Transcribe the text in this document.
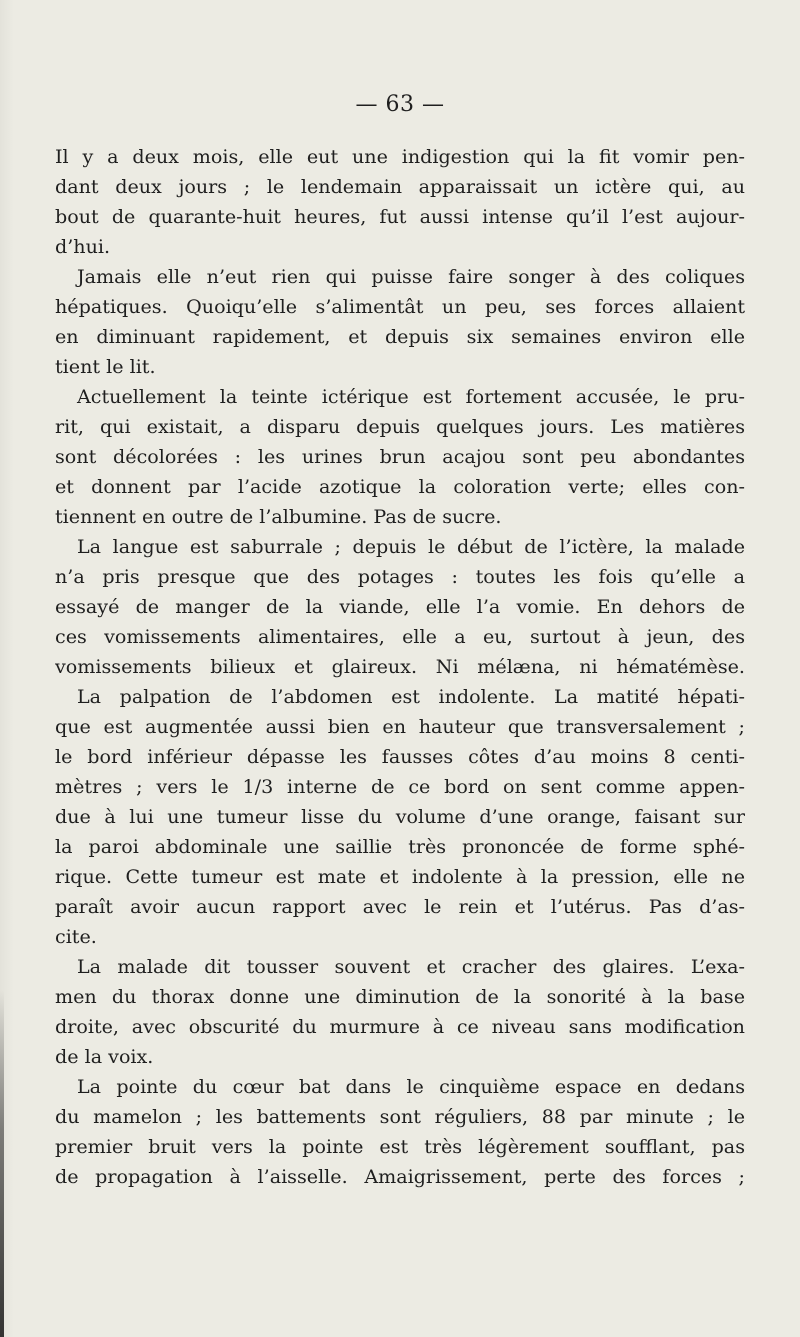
— 63 —
Il y a deux mois, elle eut une indigestion qui la fit vomir pen-
dant deux jours ; le lendemain apparaissait un ictère qui, au
bout de quarante-huit heures, fut aussi intense qu’il l’est aujour-
d’hui.
Jamais elle n’eut rien qui puisse faire songer à des coliques
hépatiques. Quoiqu’elle s’alimentât un peu, ses forces allaient
en diminuant rapidement, et depuis six semaines environ elle
tient le lit.
Actuellement la teinte ictérique est fortement accusée, le pru-
rit, qui existait, a disparu depuis quelques jours. Les matières
sont décolorées : les urines brun acajou sont peu abondantes
et donnent par l’acide azotique la coloration verte; elles con-
tiennent en outre de l’albumine. Pas de sucre.
La langue est saburrale ; depuis le début de l’ictère, la malade
n’a pris presque que des potages : toutes les fois qu’elle a
essayé de manger de la viande, elle l’a vomie. En dehors de
ces vomissements alimentaires, elle a eu, surtout à jeun, des
vomissements bilieux et glaireux. Ni mélæna, ni hématémèse.
La palpation de l’abdomen est indolente. La matité hépati-
que est augmentée aussi bien en hauteur que transversalement ;
le bord inférieur dépasse les fausses côtes d’au moins 8 centi-
mètres ; vers le 1/3 interne de ce bord on sent comme appen-
due à lui une tumeur lisse du volume d’une orange, faisant sur
la paroi abdominale une saillie très prononcée de forme sphé-
rique. Cette tumeur est mate et indolente à la pression, elle ne
paraît avoir aucun rapport avec le rein et l’utérus. Pas d’as-
cite.
La malade dit tousser souvent et cracher des glaires. L’exa-
men du thorax donne une diminution de la sonorité à la base
droite, avec obscurité du murmure à ce niveau sans modification
de la voix.
La pointe du cœur bat dans le cinquième espace en dedans
du mamelon ; les battements sont réguliers, 88 par minute ; le
premier bruit vers la pointe est très légèrement soufflant, pas
de propagation à l’aisselle. Amaigrissement, perte des forces ;
